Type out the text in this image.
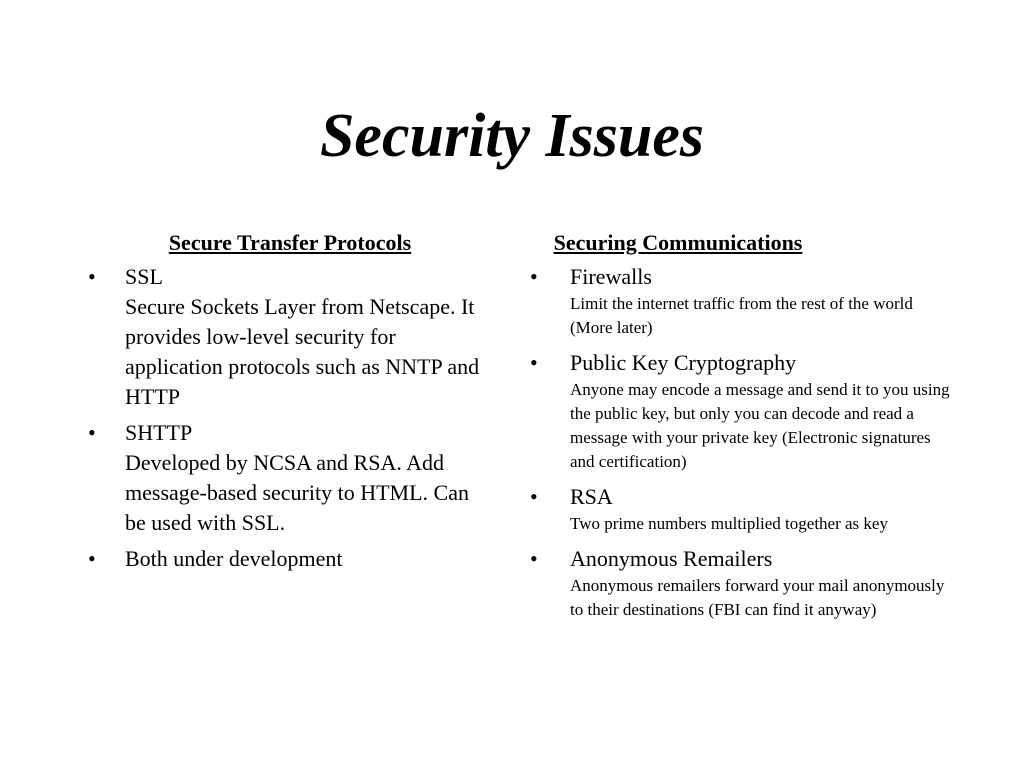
Security Issues
Secure Transfer Protocols
• SSL
Secure Sockets Layer from Netscape. It provides low-level security for application protocols such as NNTP and HTTP
• SHTTP
Developed by NCSA and RSA. Add message-based security to HTML. Can be used with SSL.
• Both under development
Securing Communications
• Firewalls
Limit the internet traffic from the rest of the world (More later)
• Public Key Cryptography
Anyone may encode a message and send it to you using the public key, but only you can decode and read a message with your private key (Electronic signatures and certification)
• RSA
Two prime numbers multiplied together as key
• Anonymous Remailers
Anonymous remailers forward your mail anonymously to their destinations (FBI can find it anyway)
